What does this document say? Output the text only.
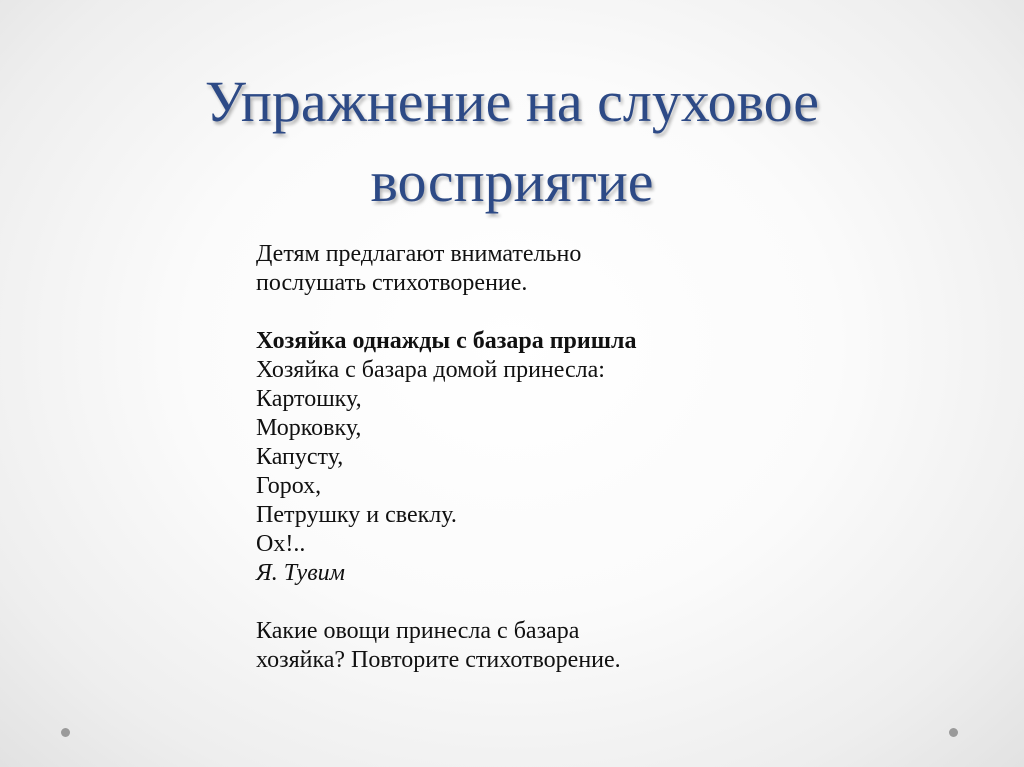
Упражнение на слуховое
восприятие

Детям предлагают внимательно

послушать стихотворение.

Хозяйка однажды с базара пришла

Хозяйка с базара домой принесла:

Картошку,

Морковку,

Капусту,

Горох,

Петрушку и свеклу.

Ох!..

Я. Тувим

Какие овощи принесла с базара

хозяйка? Повторите стихотворение.
